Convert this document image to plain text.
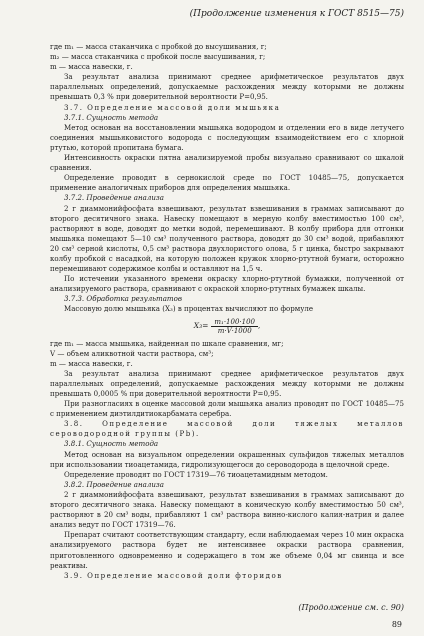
(Продолжение изменения к ГОСТ 8515—75)

где m₁ — масса стаканчика с пробкой до высушивания, г;

m₂ — масса стаканчика с пробкой после высушивания, г;

m — масса навески, г.

За результат анализа принимают среднее арифметическое результатов двух параллельных определений, допускаемые расхождения между которыми не должны превышать 0,3 % при доверительной вероятности P=0,95.

3.7. Определение массовой доли мышьяка

3.7.1. Сущность метода

Метод основан на восстановлении мышьяка водородом и отделении его в виде летучего соединения мышьяковистого водорода с последующим взаимодействием его с хлорной ртутью, которой пропитана бумага.

Интенсивность окраски пятна анализируемой пробы визуально сравнивают со шкалой сравнения.

Определение проводят в сернокислой среде по ГОСТ 10485—75, допускается применение аналогичных приборов для определения мышьяка.

3.7.2. Проведение анализа

2 г диаммонийфосфата взвешивают, результат взвешивания в граммах записывают до второго десятичного знака. Навеску помещают в мерную колбу вместимостью 100 см³, растворяют в воде, доводят до метки водой, перемешивают. В колбу прибора для отгонки мышьяка помещают 5—10 см³ полученного раствора, доводят до 30 см³ водой, прибавляют 20 см³ серной кислоты, 0,5 см³ раствора двухлористого олова, 5 г цинка, быстро закрывают колбу пробкой с насадкой, на которую положен кружок хлорно-ртутной бумаги, осторожно перемешивают содержимое колбы и оставляют на 1,5 ч.

По истечении указанного времени окраску хлорно-ртутной бумажки, полученной от анализируемого раствора, сравнивают с окраской хлорно-ртутных бумажек шкалы.

3.7.3. Обработка результатов

Массовую долю мышьяка (X₃) в процентах вычисляют по формуле

$X_3= \frac{\text{m₁·100·100}}{m\cdot V\cdot 1000}$ ,

где m₁ — масса мышьяка, найденная по шкале сравнения, мг;

V — объем аликвотной части раствора, см³;

m — масса навески, г.

За результат анализа принимают среднее арифметическое результатов двух параллельных определений, допускаемые расхождения между которыми не должны превышать 0,0005 % при доверительной вероятности P=0,95.

При разногласиях в оценке массовой доли мышьяка анализ проводят по ГОСТ 10485—75 с применением диэтилдитиокарбамата серебра.

3.8. Определение массовой доли тяжелых металлов сероводородной группы (Pb).

3.8.1. Сущность метода

Метод основан на визуальном определении окрашенных сульфидов тяжелых металлов при использовании тиоацетамида, гидролизующегося до сероводорода в щелочной среде.

Определение проводят по ГОСТ 17319—76 тиоацетамидным методом.

3.8.2. Проведение анализа

2 г диаммонийфосфата взвешивают, результат взвешивания в граммах записывают до второго десятичного знака. Навеску помещают в коническую колбу вместимостью 50 см³, растворяют в 20 см³ воды, прибавляют 1 см³ раствора винно-кислого калия-натрия и далее анализ ведут по ГОСТ 17319—76.

Препарат считают соответствующим стандарту, если наблюдаемая через 10 мин окраска анализируемого раствора будет не интенсивнее окраски раствора сравнения, приготовленного одновременно и содержащего в том же объеме 0,04 мг свинца и все реактивы.

3.9. Определение массовой доли фторидов

(Продолжение см. с. 90)
89
